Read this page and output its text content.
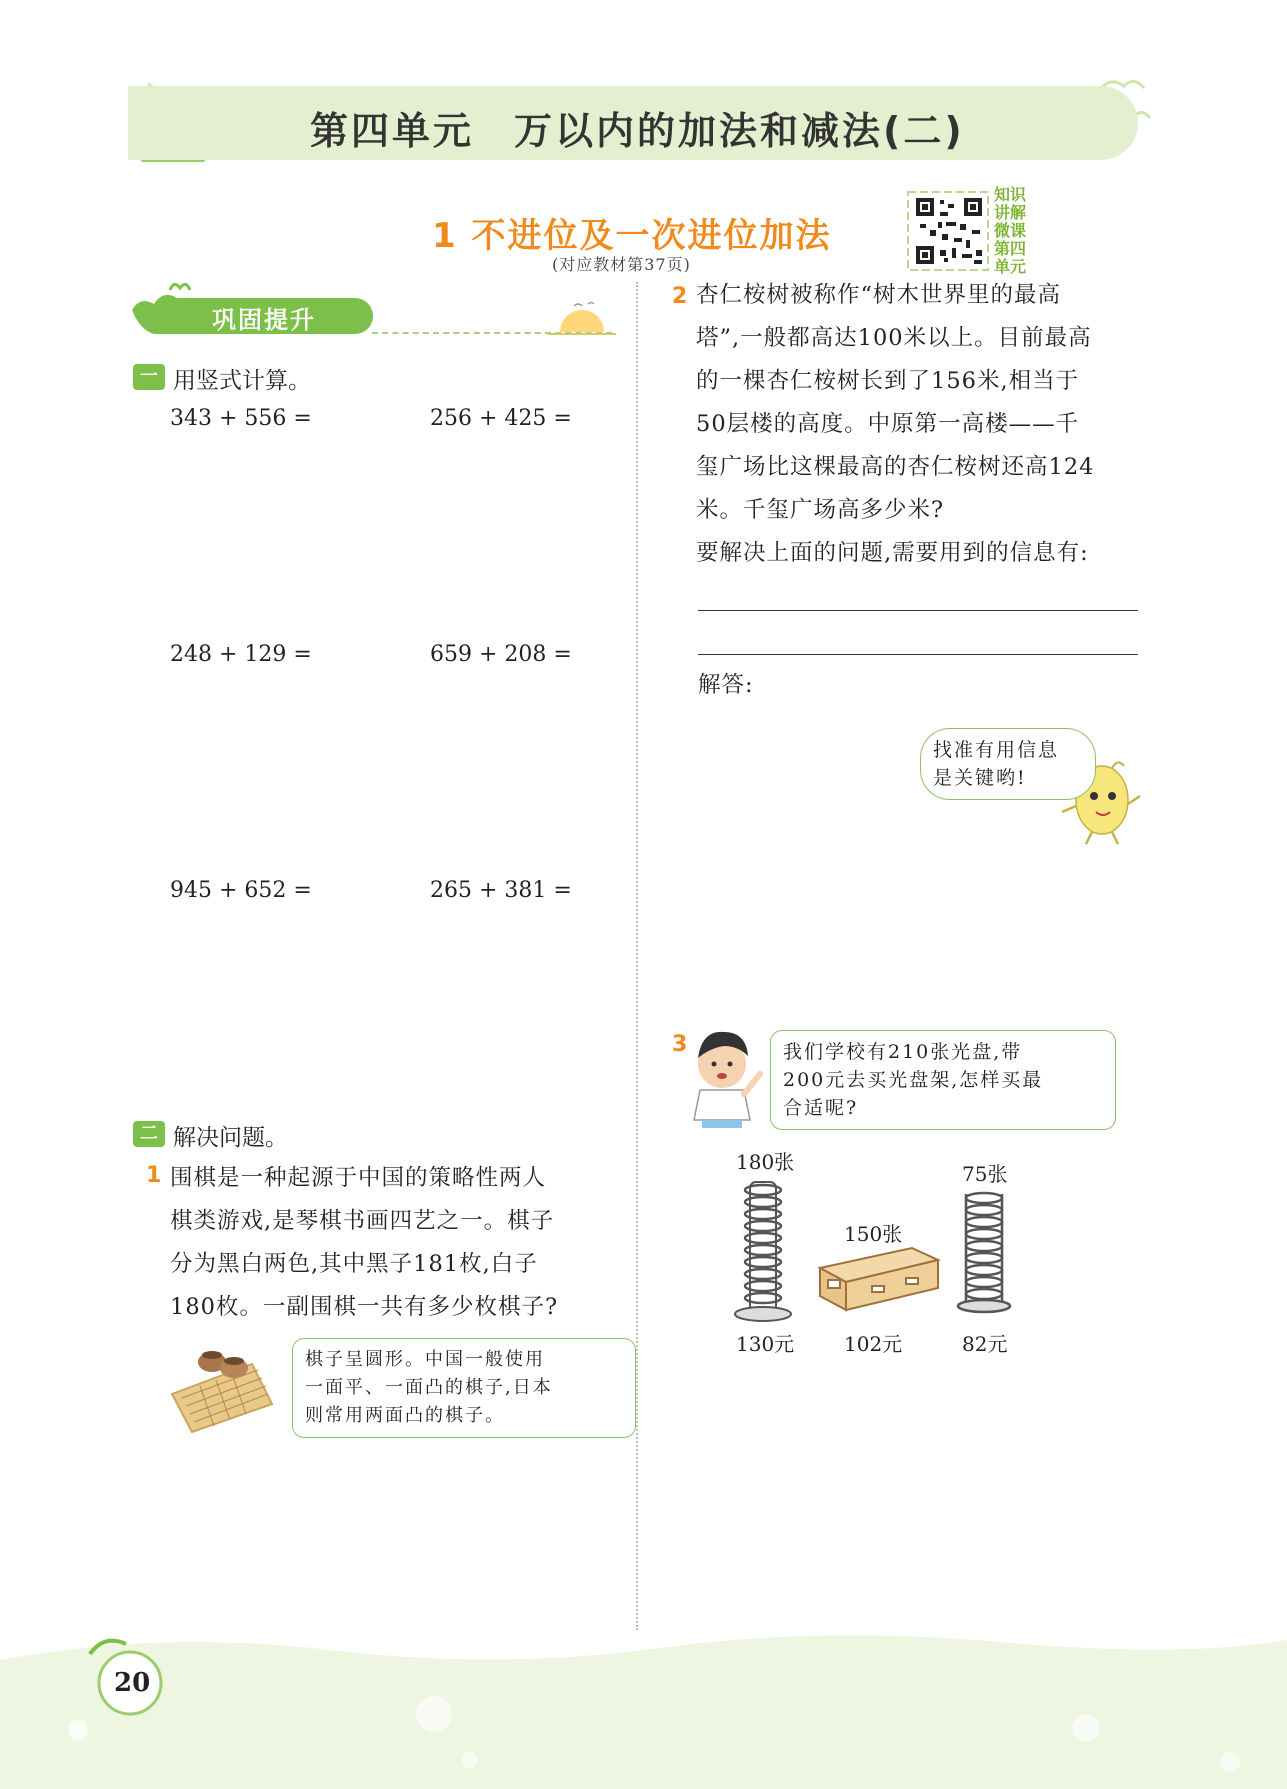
第四单元 万以内的加法和减法(二)
1 不进位及一次进位加法
(对应教材第37页)
知识讲解微课 第四单元
巩固提升
一 用竖式计算。
343 + 556 =	256 + 425 =
248 + 129 =	659 + 208 =
945 + 652 =	265 + 381 =
二 解决问题。
1 围棋是一种起源于中国的策略性两人
棋类游戏,是琴棋书画四艺之一。棋子
分为黑白两色,其中黑子181枚,白子
180枚。一副围棋一共有多少枚棋子?
棋子呈圆形。中国一般使用
一面平、一面凸的棋子,日本
则常用两面凸的棋子。
2 杏仁桉树被称作“树木世界里的最高
塔”,一般都高达100米以上。目前最高
的一棵杏仁桉树长到了156米,相当于
50层楼的高度。中原第一高楼——千
玺广场比这棵最高的杏仁桉树还高124
米。千玺广场高多少米?
要解决上面的问题,需要用到的信息有:
解答:
找准有用信息
是关键哟!
3	我们学校有210张光盘,带
200元去买光盘架,怎样买最
合适呢?
180张
130元
150张
102元
75张
82元
20
